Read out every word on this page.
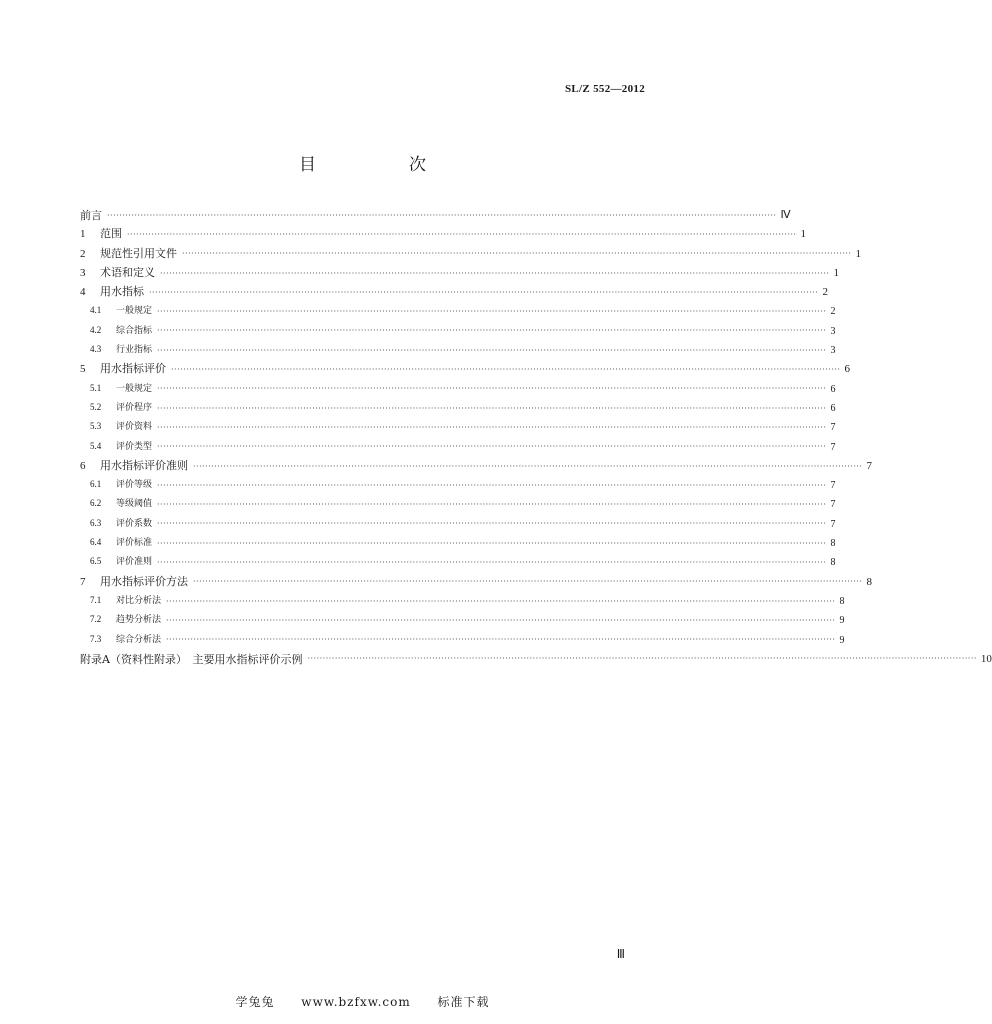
SL/Z 552—2012
目　次
前言 ···························································································································································································································· Ⅳ
1 范围 ···························································································································································································································· 1
2 规范性引用文件 ···························································································································································································································· 1
3 术语和定义 ···························································································································································································································· 1
4 用水指标 ···························································································································································································································· 2
4.1 一般规定 ···························································································································································································································· 2
4.2 综合指标 ···························································································································································································································· 3
4.3 行业指标 ···························································································································································································································· 3
5 用水指标评价 ···························································································································································································································· 6
5.1 一般规定 ···························································································································································································································· 6
5.2 评价程序 ···························································································································································································································· 6
5.3 评价资料 ···························································································································································································································· 7
5.4 评价类型 ···························································································································································································································· 7
6 用水指标评价准则 ···························································································································································································································· 7
6.1 评价等级 ···························································································································································································································· 7
6.2 等级阈值 ···························································································································································································································· 7
6.3 评价系数 ···························································································································································································································· 7
6.4 评价标准 ···························································································································································································································· 8
6.5 评价准则 ···························································································································································································································· 8
7 用水指标评价方法 ···························································································································································································································· 8
7.1 对比分析法 ···························································································································································································································· 8
7.2 趋势分析法 ···························································································································································································································· 9
7.3 综合分析法 ···························································································································································································································· 9
附录A（资料性附录）　主要用水指标评价示例 ···························································································································································································································· 10
Ⅲ
学兔兔 www.bzfxw.com 标准下载
